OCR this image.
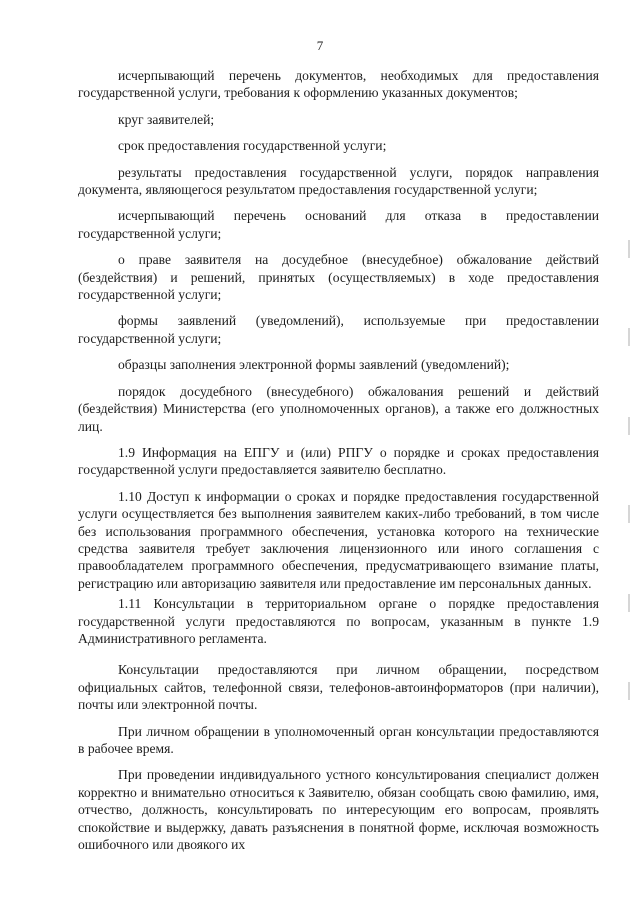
7

исчерпывающий перечень документов, необходимых для предоставления государственной услуги, требования к оформлению указанных документов;

круг заявителей;

срок предоставления государственной услуги;

результаты предоставления государственной услуги, порядок направления документа, являющегося результатом предоставления государственной услуги;

исчерпывающий перечень оснований для отказа в предоставлении государственной услуги;

о праве заявителя на досудебное (внесудебное) обжалование действий (бездействия) и решений, принятых (осуществляемых) в ходе предоставления государственной услуги;

формы заявлений (уведомлений), используемые при предоставлении государственной услуги;

образцы заполнения электронной формы заявлений (уведомлений);

порядок досудебного (внесудебного) обжалования решений и действий (бездействия) Министерства (его уполномоченных органов), а также его должностных лиц.

1.9 Информация на ЕПГУ и (или) РПГУ о порядке и сроках предоставления государственной услуги предоставляется заявителю бесплатно.

1.10 Доступ к информации о сроках и порядке предоставления государственной услуги осуществляется без выполнения заявителем каких-либо требований, в том числе без использования программного обеспечения, установка которого на технические средства заявителя требует заключения лицензионного или иного соглашения с правообладателем программного обеспечения, предусматривающего взимание платы, регистрацию или авторизацию заявителя или предоставление им персональных данных.

1.11 Консультации в территориальном органе о порядке предоставления государственной услуги предоставляются по вопросам, указанным в пункте 1.9 Административного регламента.

Консультации предоставляются при личном обращении, посредством официальных сайтов, телефонной связи, телефонов-автоинформаторов (при наличии), почты или электронной почты.

При личном обращении в уполномоченный орган консультации предоставляются в рабочее время.

При проведении индивидуального устного консультирования специалист должен корректно и внимательно относиться к Заявителю, обязан сообщать свою фамилию, имя, отчество, должность, консультировать по интересующим его вопросам, проявлять спокойствие и выдержку, давать разъяснения в понятной форме, исключая возможность ошибочного или двоякого их
